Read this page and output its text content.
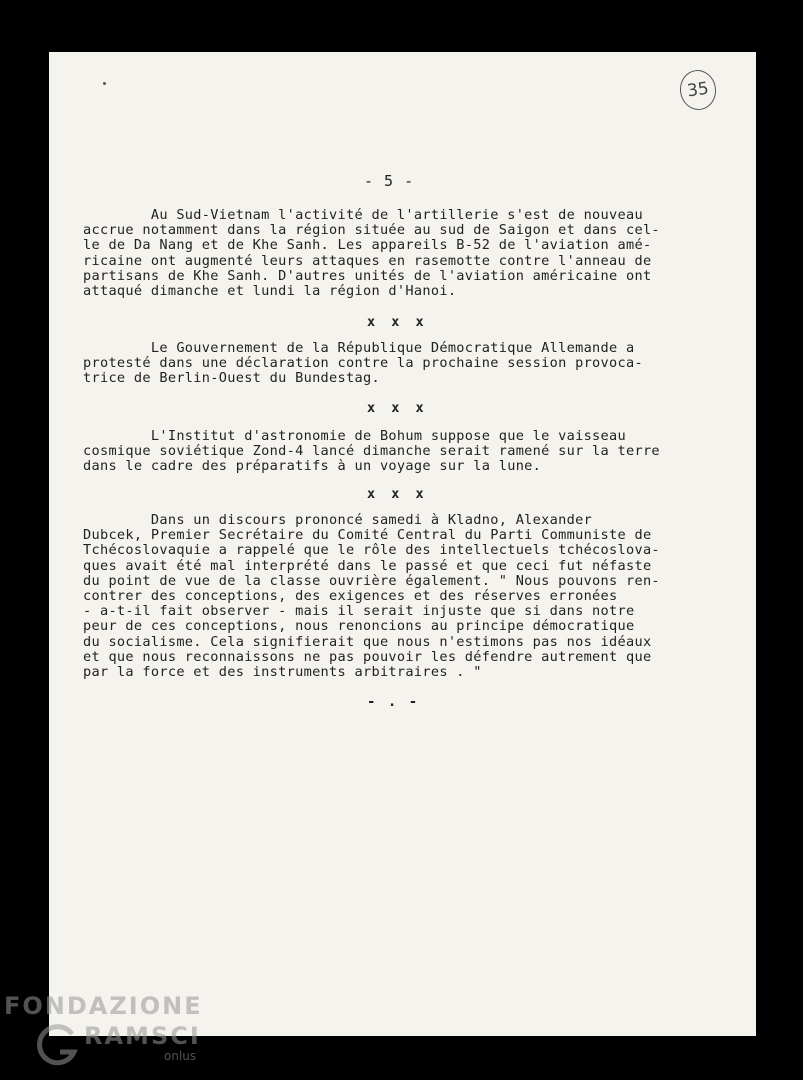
35
- 5 -
Au Sud-Vietnam l'activité de l'artillerie s'est de nouveau
accrue notamment dans la région située au sud de Saigon et dans cel-
le de Da Nang et de Khe Sanh. Les appareils B-52 de l'aviation amé-
ricaine ont augmenté leurs attaques en rasemotte contre l'anneau de
partisans de Khe Sanh. D'autres unités de l'aviation américaine ont
attaqué dimanche et lundi la région d'Hanoi.
x x x
Le Gouvernement de la République Démocratique Allemande a
protesté dans une déclaration contre la prochaine session provoca-
trice de Berlin-Ouest du Bundestag.
x x x
L'Institut d'astronomie de Bohum suppose que le vaisseau
cosmique soviétique Zond-4 lancé dimanche serait ramené sur la terre
dans le cadre des préparatifs à un voyage sur la lune.
x x x
Dans un discours prononcé samedi à Kladno, Alexander
Dubcek, Premier Secrétaire du Comité Central du Parti Communiste de
Tchécoslovaquie a rappelé que le rôle des intellectuels tchécoslova-
ques avait été mal interprété dans le passé et que ceci fut néfaste
du point de vue de la classe ouvrière également. " Nous pouvons ren-
contrer des conceptions, des exigences et des réserves erronées
- a-t-il fait observer - mais il serait injuste que si dans notre
peur de ces conceptions, nous renoncions au principe démocratique
du socialisme. Cela signifierait que nous n'estimons pas nos idéaux
et que nous reconnaissons ne pas pouvoir les défendre autrement que
par la force et des instruments arbitraires . "
- . -
FONDAZIONE
RAMSCI
onlus
